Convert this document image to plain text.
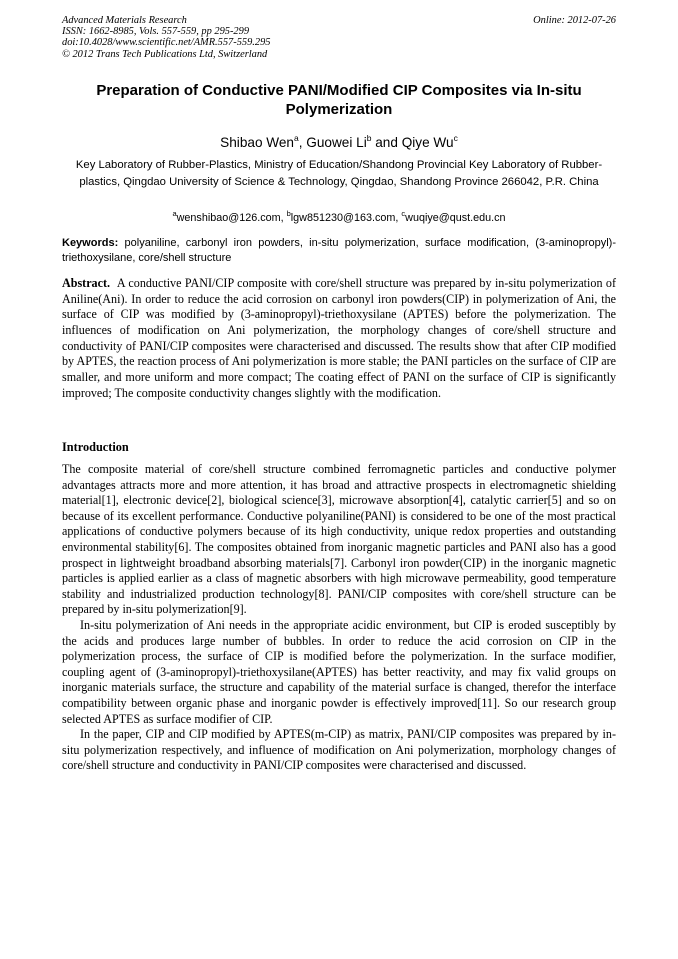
Advanced Materials Research
ISSN: 1662-8985, Vols. 557-559, pp 295-299
doi:10.4028/www.scientific.net/AMR.557-559.295
© 2012 Trans Tech Publications Ltd, Switzerland
Online: 2012-07-26
Preparation of Conductive PANI/Modified CIP Composites via In-situ Polymerization
Shibao Wen$^a$, Guowei Li$^b$ and Qiye Wu$^c$
Key Laboratory of Rubber-Plastics, Ministry of Education/Shandong Provincial Key Laboratory of Rubber-plastics, Qingdao University of Science & Technology, Qingdao, Shandong Province 266042, P.R. China
$^a$wenshibao@126.com, $^b$lgw851230@163.com, $^c$wuqiye@qust.edu.cn
Keywords: polyaniline, carbonyl iron powders, in-situ polymerization, surface modification, (3-aminopropyl)-triethoxysilane, core/shell structure
Abstract. A conductive PANI/CIP composite with core/shell structure was prepared by in-situ polymerization of Aniline(Ani). In order to reduce the acid corrosion on carbonyl iron powders(CIP) in polymerization of Ani, the surface of CIP was modified by (3-aminopropyl)-triethoxysilane (APTES) before the polymerization. The influences of modification on Ani polymerization, the morphology changes of core/shell structure and conductivity of PANI/CIP composites were characterised and discussed. The results show that after CIP modified by APTES, the reaction process of Ani polymerization is more stable; the PANI particles on the surface of CIP are smaller, and more uniform and more compact; The coating effect of PANI on the surface of CIP is significantly improved; The composite conductivity changes slightly with the modification.
Introduction

The composite material of core/shell structure combined ferromagnetic particles and conductive polymer advantages attracts more and more attention, it has broad and attractive prospects in electromagnetic shielding material[1], electronic device[2], biological science[3], microwave absorption[4], catalytic carrier[5] and so on because of its excellent performance. Conductive polyaniline(PANI) is considered to be one of the most practical applications of conductive polymers because of its high conductivity, unique redox properties and outstanding environmental stability[6]. The composites obtained from inorganic magnetic particles and PANI also has a good prospect in lightweight broadband absorbing materials[7]. Carbonyl iron powder(CIP) in the inorganic magnetic particles is applied earlier as a class of magnetic absorbers with high microwave permeability, good temperature stability and industrialized production technology[8]. PANI/CIP composites with core/shell structure can be prepared by in-situ polymerization[9].

In-situ polymerization of Ani needs in the appropriate acidic environment, but CIP is eroded susceptibly by the acids and produces large number of bubbles. In order to reduce the acid corrosion on CIP in the polymerization process, the surface of CIP is modified before the polymerization. In the surface modifier, coupling agent of (3-aminopropyl)-triethoxysilane(APTES) has better reactivity, and may fix valid groups on inorganic materials surface, the structure and capability of the material surface is changed, therefor the interface compatibility between organic phase and inorganic powder is effectively improved[11]. So our research group selected APTES as surface modifier of CIP.

In the paper, CIP and CIP modified by APTES(m-CIP) as matrix, PANI/CIP composites was prepared by in-situ polymerization respectively, and influence of modification on Ani polymerization, morphology changes of core/shell structure and conductivity in PANI/CIP composites were characterised and discussed.
